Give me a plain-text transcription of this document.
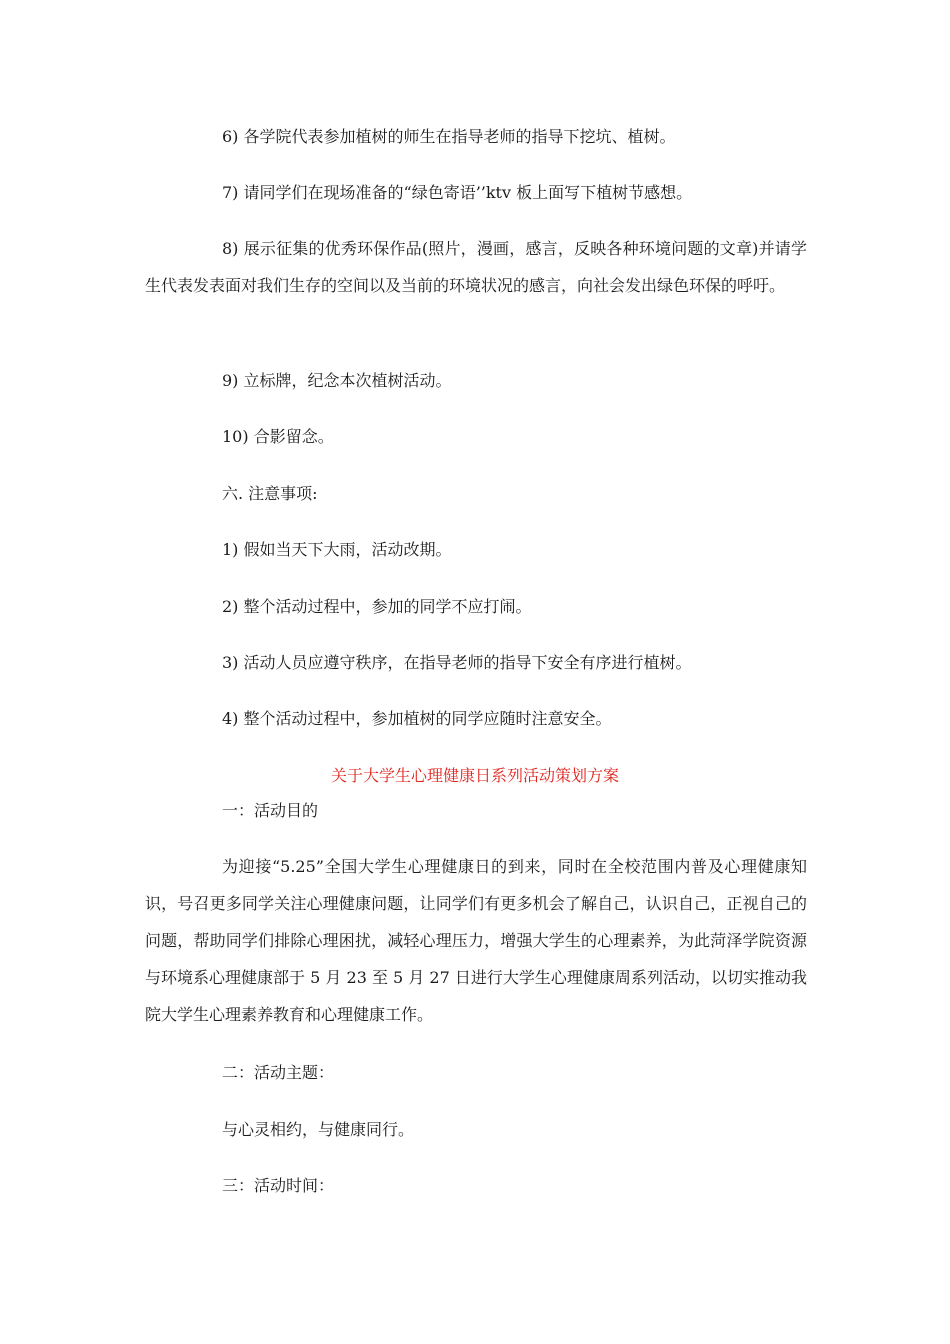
6) 各学院代表参加植树的师生在指导老师的指导下挖坑、植树。
7) 请同学们在现场准备的“绿色寄语’’ktv 板上面写下植树节感想。

8) 展示征集的优秀环保作品(照片，漫画，感言，反映各种环境问题的文章)并请学生代表发表面对我们生存的空间以及当前的环境状况的感言，向社会发出绿色环保的呼吁。

9) 立标牌，纪念本次植树活动。
10) 合影留念。
六. 注意事项:
1) 假如当天下大雨，活动改期。
2) 整个活动过程中，参加的同学不应打闹。
3) 活动人员应遵守秩序，在指导老师的指导下安全有序进行植树。
4) 整个活动过程中，参加植树的同学应随时注意安全。
关于大学生心理健康日系列活动策划方案
一：活动目的

为迎接“5.25”全国大学生心理健康日的到来，同时在全校范围内普及心理健康知识，号召更多同学关注心理健康问题，让同学们有更多机会了解自己，认识自己，正视自己的问题，帮助同学们排除心理困扰，减轻心理压力，增强大学生的心理素养，为此菏泽学院资源与环境系心理健康部于 5 月 23 至 5 月 27 日进行大学生心理健康周系列活动，以切实推动我院大学生心理素养教育和心理健康工作。

二：活动主题：
与心灵相约，与健康同行。
三：活动时间：
